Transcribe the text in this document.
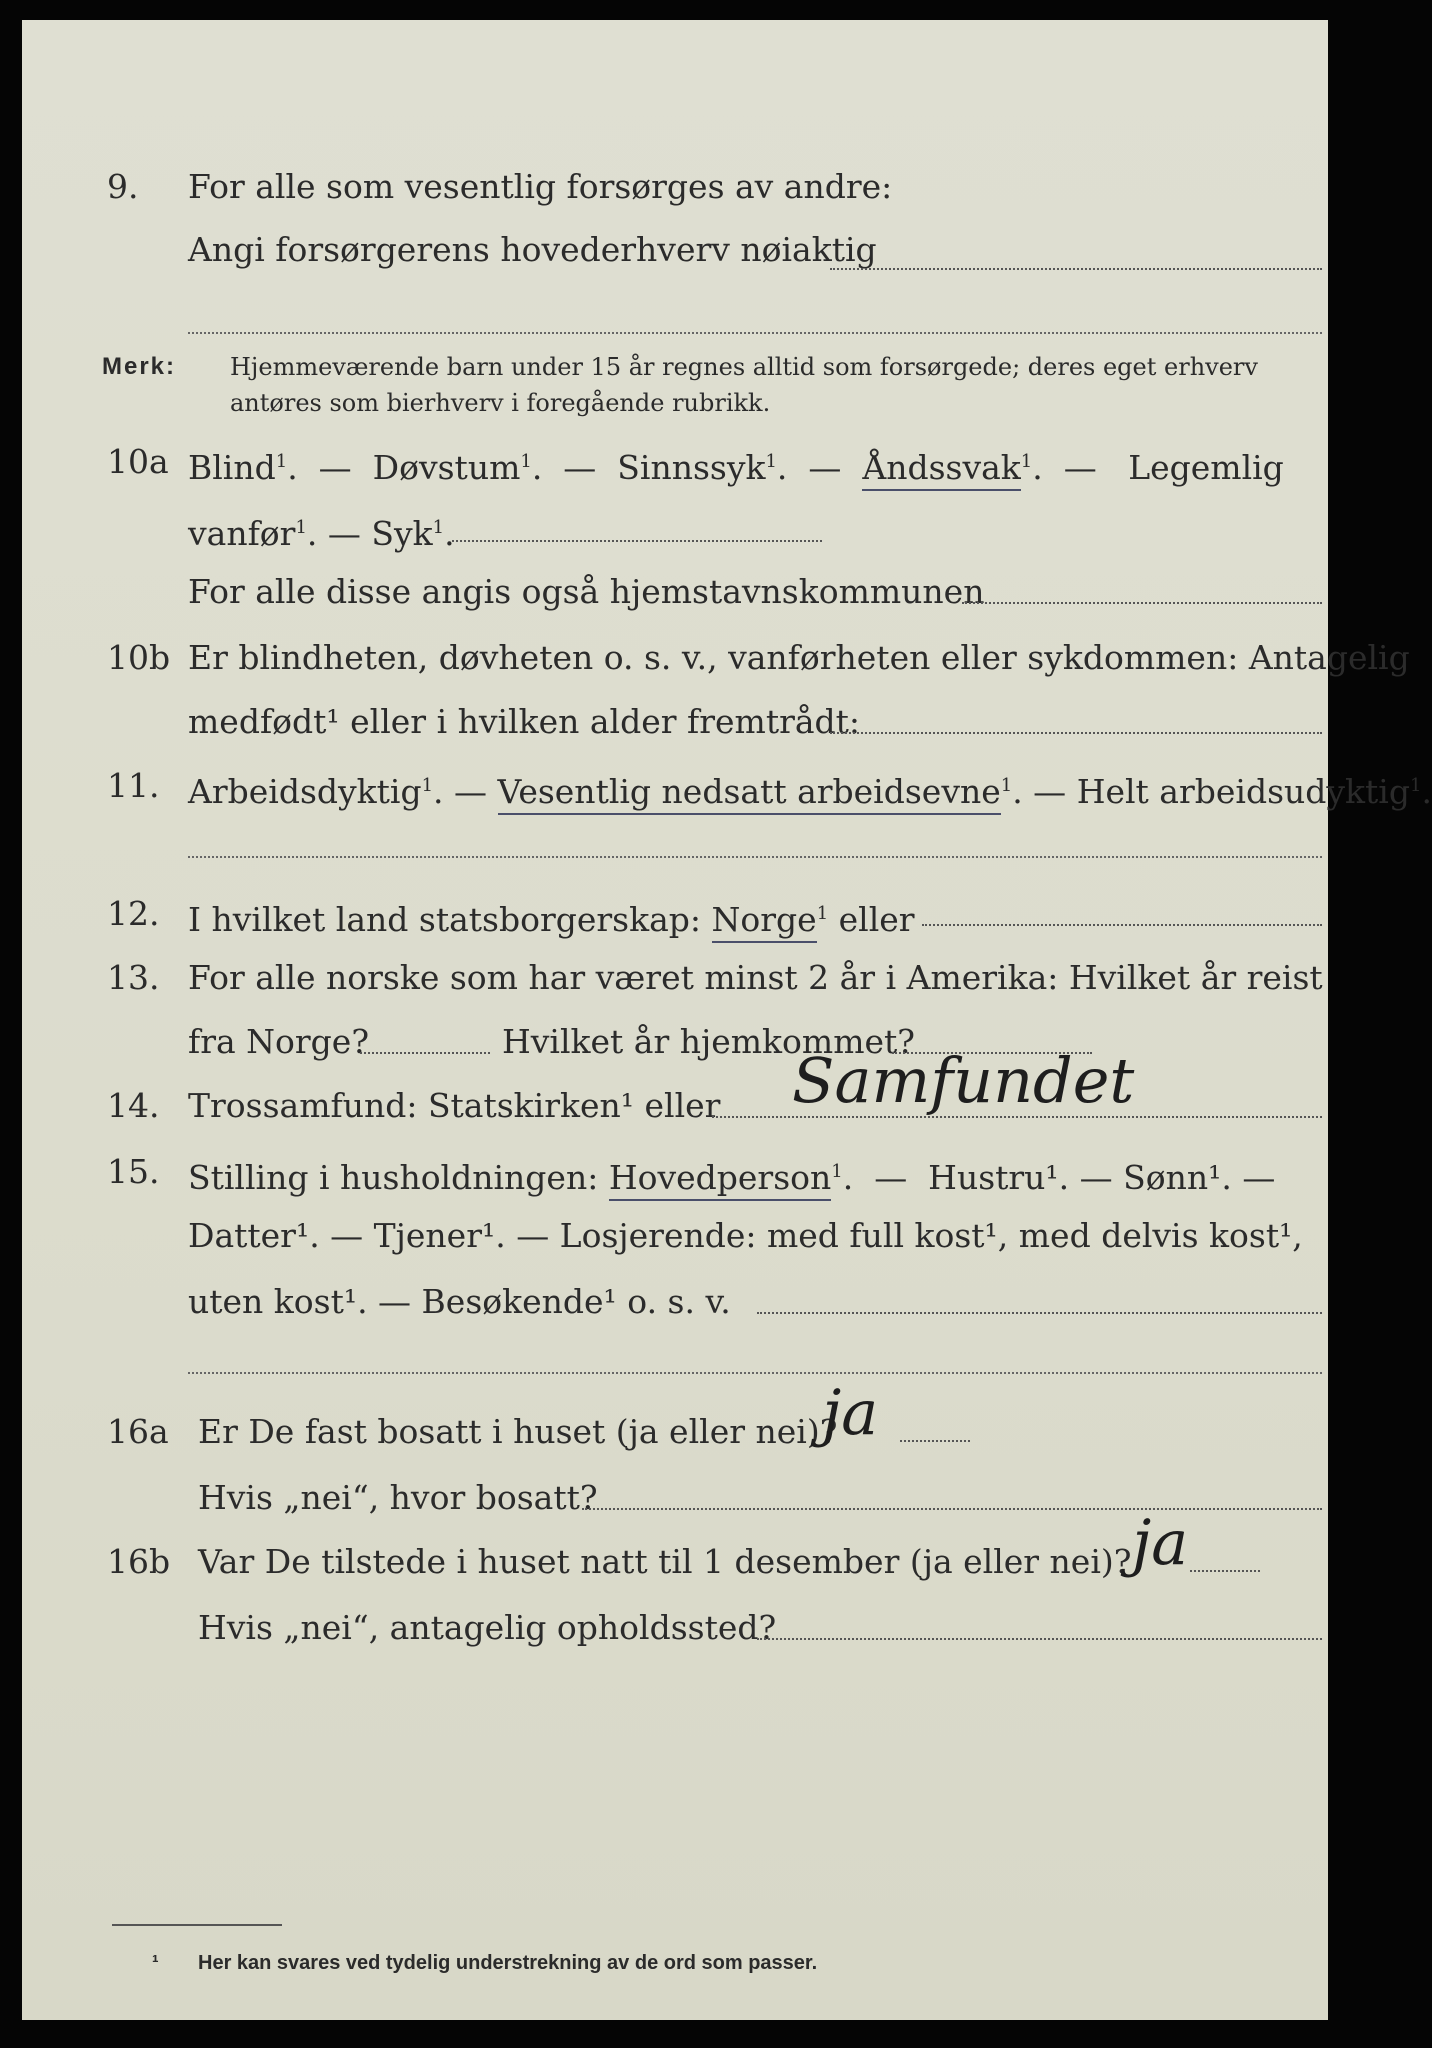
9. For alle som vesentlig forsørges av andre:
Angi forsørgerens hovederhverv nøiaktig
Merk: Hjemmeværende barn under 15 år regnes alltid som forsørgede; deres eget erhverv
antøres som bierhverv i foregående rubrikk.
10a Blind$^1$.  —  Døvstum$^1$.  —  Sinnssyk$^1$.  —  Åndssvak$^1$.  —   Legemlig
vanfør$^1$. — Syk$^1$.
For alle disse angis også hjemstavnskommunen
10b Er blindheten, døvheten o. s. v., vanførheten eller sykdommen: Antagelig
medfødt¹ eller i hvilken alder fremtrådt:
11. Arbeidsdyktig$^1$. — Vesentlig nedsatt arbeidsevne$^1$. — Helt arbeidsudyktig$^1$.
12. I hvilket land statsborgerskap: Norge$^1$ eller
13. For alle norske som har været minst 2 år i Amerika: Hvilket år reist
fra Norge?	Hvilket år hjemkommet?
14. Trossamfund: Statskirken¹ eller Samfundet
15. Stilling i husholdningen: Hovedperson$^1$.  —  Hustru¹. — Sønn¹. —
Datter¹. — Tjener¹. — Losjerende: med full kost¹, med delvis kost¹,
uten kost¹. — Besøkende¹ o. s. v.
16a Er De fast bosatt i huset (ja eller nei)?
ja
Hvis „nei“, hvor bosatt?
16b Var De tilstede i huset natt til 1 desember (ja eller nei)? ja
Hvis „nei“, antagelig opholdssted?
¹ Her kan svares ved tydelig understrekning av de ord som passer.
